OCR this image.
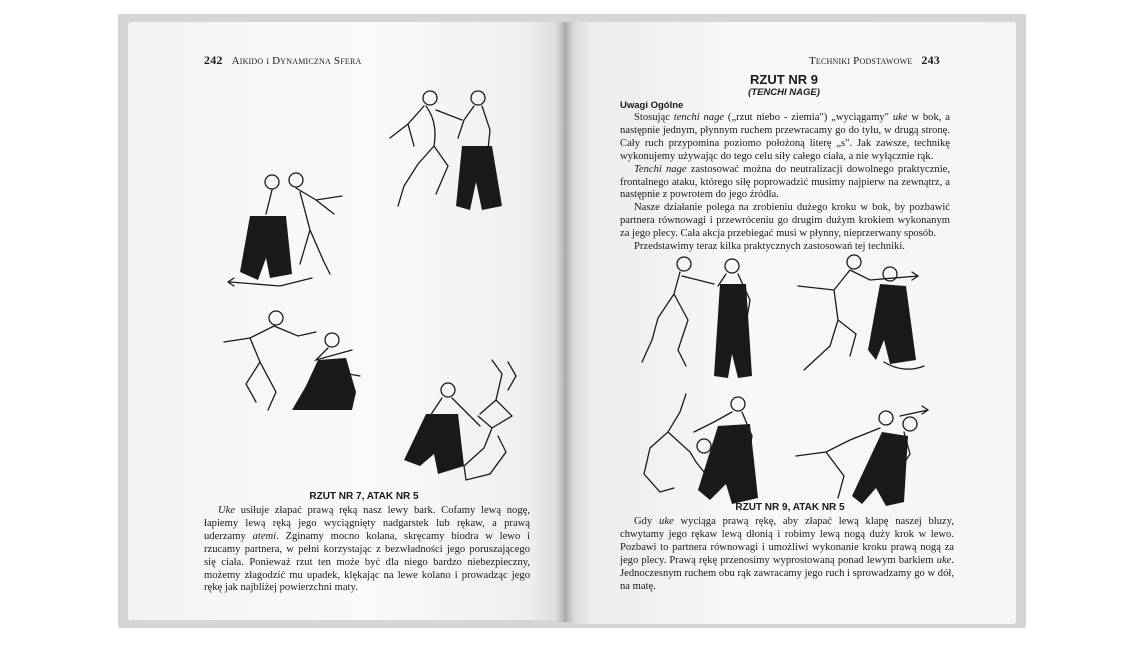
242 Aikido i Dynamiczna Sfera
RZUT NR 7, ATAK NR 5

Uke usiłuje złapać prawą ręką nasz lewy bark. Cofamy lewą nogę, łapiemy lewą ręką jego wyciągnięty nadgarstek lub rękaw, a prawą uderzamy atemi. Zginamy mocno kolana, skręcamy biodra w lewo i rzucamy partnera, w pełni korzystając z bezwładności jego poruszającego się ciała. Ponieważ rzut ten może być dla niego bardzo niebezpieczny, możemy złagodzić mu upadek, klękając na lewe kolano i prowadząc jego rękę jak najbliżej powierzchni maty.

Techniki Podstawowe 243
RZUT NR 9
(TENCHI NAGE)
Uwagi Ogólne

Stosując tenchi nage („rzut niebo - ziemia") „wyciągamy" uke w bok, a następnie jednym, płynnym ruchem przewracamy go do tyłu, w drugą stronę. Cały ruch przypomina poziomo położoną literę „s". Jak zawsze, technikę wykonujemy używając do tego celu siły całego ciała, a nie wyłącznie rąk.

Tenchi nage zastosować można do neutralizacji dowolnego praktycznie, frontalnego ataku, którego siłę poprowadzić musimy najpierw na zewnątrz, a następnie z powrotem do jego źródła.

Nasze działanie polega na zrobieniu dużego kroku w bok, by pozbawić partnera równowagi i przewróceniu go drugim dużym krokiem wykonanym za jego plecy. Cała akcja przebiegać musi w płynny, nieprzerwany sposób.

Przedstawimy teraz kilka praktycznych zastosowań tej techniki.

RZUT NR 9, ATAK NR 5

Gdy uke wyciąga prawą rękę, aby złapać lewą klapę naszej bluzy, chwytamy jego rękaw lewą dłonią i robimy lewą nogą duży krok w lewo. Pozbawi to partnera równowagi i umożliwi wykonanie kroku prawą nogą za jego plecy. Prawą rękę przenosimy wyprostowaną ponad lewym barkiem uke. Jednoczesnym ruchem obu rąk zawracamy jego ruch i sprowadzamy go w dół, na matę.
